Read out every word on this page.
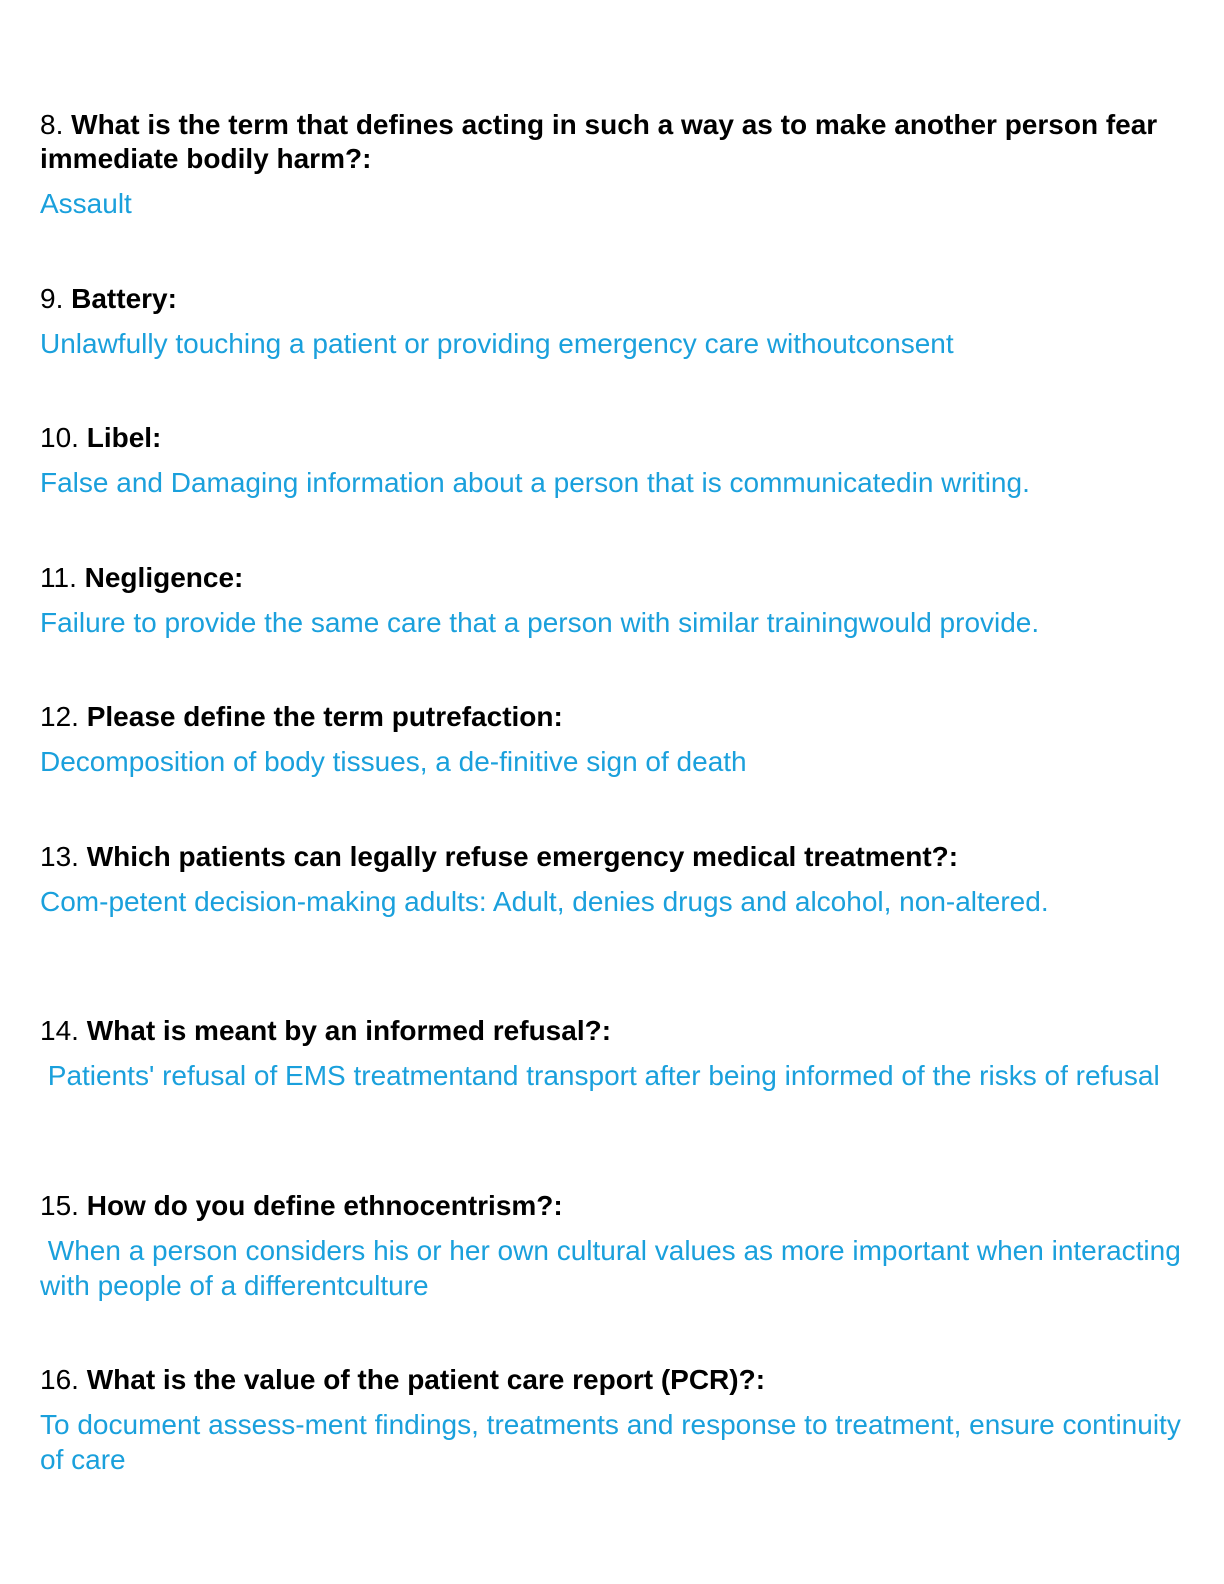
8. What is the term that defines acting in such a way as to make another person fear immediate bodily harm?:

Assault

9. Battery:

Unlawfully touching a patient or providing emergency care withoutconsent

10. Libel:

False and Damaging information about a person that is communicatedin writing.

11. Negligence:

Failure to provide the same care that a person with similar trainingwould provide.

12. Please define the term putrefaction:

Decomposition of body tissues, a de-finitive sign of death

13. Which patients can legally refuse emergency medical treatment?:

Com-petent decision-making adults: Adult, denies drugs and alcohol, non-altered.

14. What is meant by an informed refusal?:

Patients' refusal of EMS treatmentand transport after being informed of the risks of refusal

15. How do you define ethnocentrism?:

When a person considers his or her own cultural values as more important when interacting with people of a differentculture

16. What is the value of the patient care report (PCR)?:

To document assess-ment findings, treatments and response to treatment, ensure continuity of care
